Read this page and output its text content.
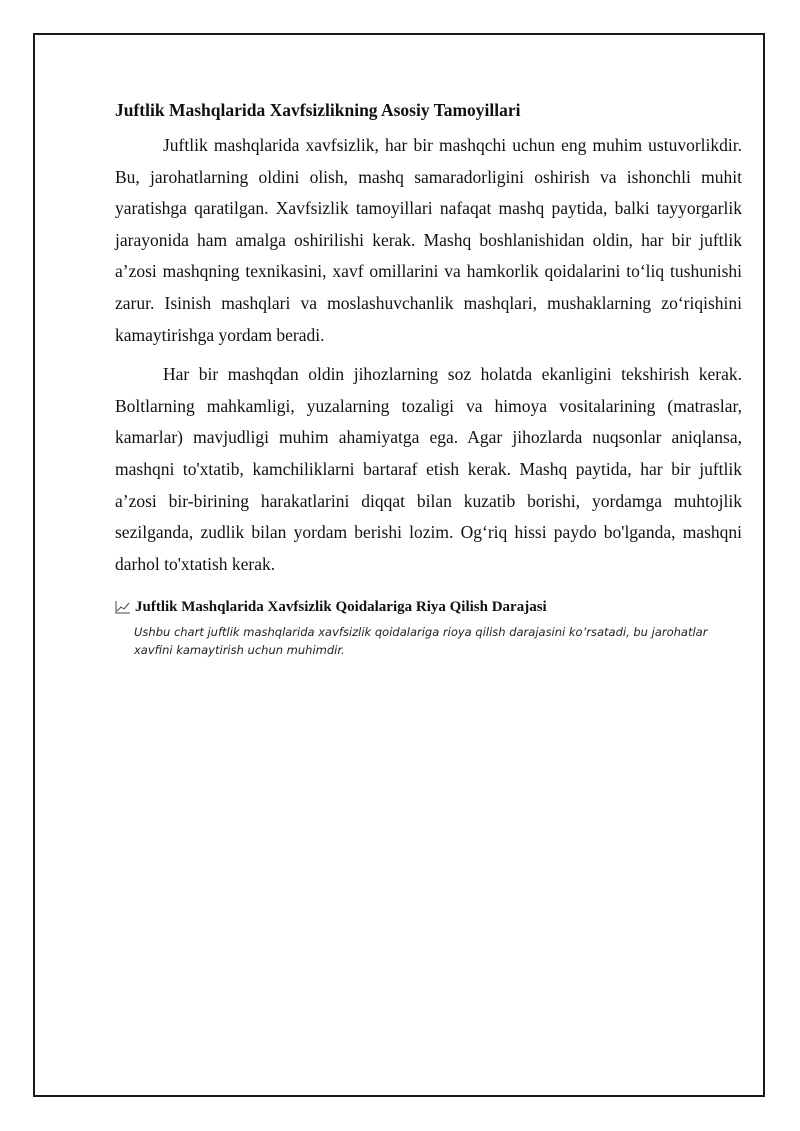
Juftlik Mashqlarida Xavfsizlikning Asosiy Tamoyillari

Juftlik mashqlarida xavfsizlik, har bir mashqchi uchun eng muhim ustuvorlikdir. Bu, jarohatlarning oldini olish, mashq samaradorligini oshirish va ishonchli muhit yaratishga qaratilgan. Xavfsizlik tamoyillari nafaqat mashq paytida, balki tayyorgarlik jarayonida ham amalga oshirilishi kerak. Mashq boshlanishidan oldin, har bir juftlik a’zosi mashqning texnikasini, xavf omillarini va hamkorlik qoidalarini to‘liq tushunishi zarur. Isinish mashqlari va moslashuvchanlik mashqlari, mushaklarning zo‘riqishini kamaytirishga yordam beradi.

Har bir mashqdan oldin jihozlarning soz holatda ekanligini tekshirish kerak. Boltlarning mahkamligi, yuzalarning tozaligi va himoya vositalarining (matraslar, kamarlar) mavjudligi muhim ahamiyatga ega. Agar jihozlarda nuqsonlar aniqlansa, mashqni to'xtatib, kamchiliklarni bartaraf etish kerak. Mashq paytida, har bir juftlik a’zosi bir-birining harakatlarini diqqat bilan kuzatib borishi, yordamga muhtojlik sezilganda, zudlik bilan yordam berishi lozim. Og‘riq hissi paydo bo'lganda, mashqni darhol to'xtatish kerak.

Juftlik Mashqlarida Xavfsizlik Qoidalariga Riya Qilish Darajasi
Ushbu chart juftlik mashqlarida xavfsizlik qoidalariga rioya qilish darajasini ko’rsatadi, bu jarohatlar xavfini kamaytirish uchun muhimdir.
